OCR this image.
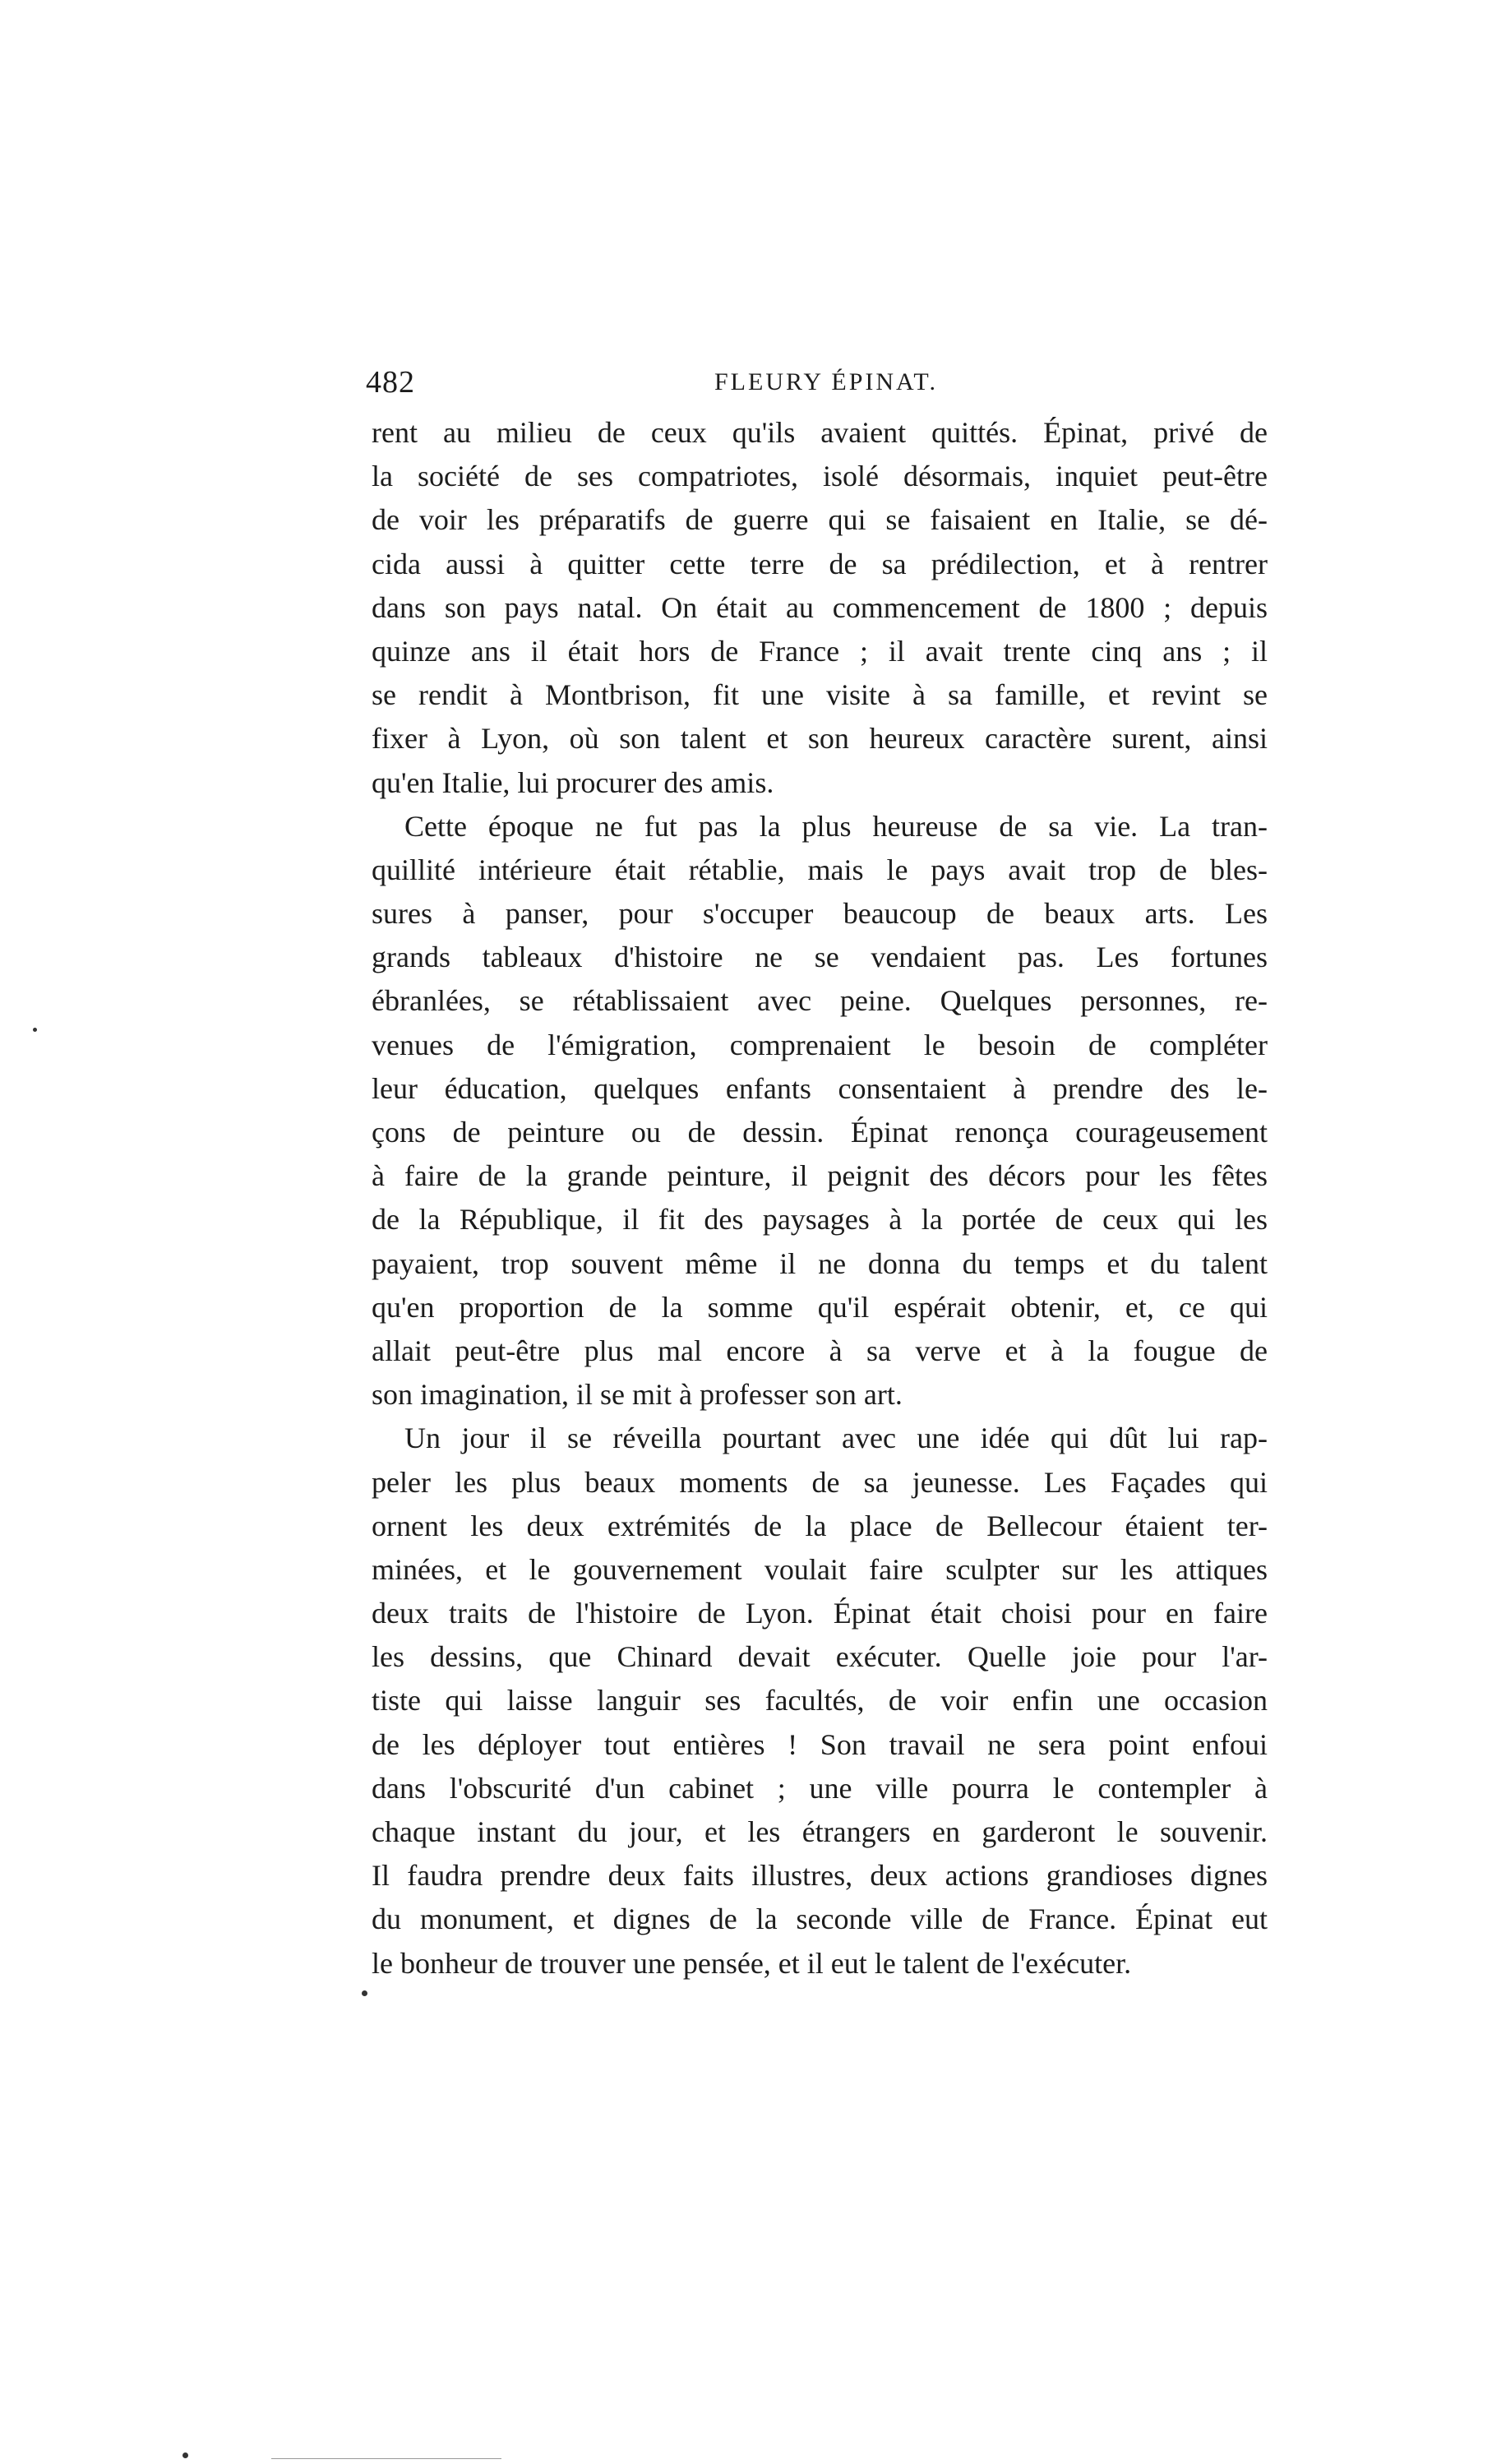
482	FLEURY ÉPINAT.
rent au milieu de ceux qu'ils avaient quittés. Épinat, privé de
la société de ses compatriotes, isolé désormais, inquiet peut-être
de voir les préparatifs de guerre qui se faisaient en Italie, se dé-
cida aussi à quitter cette terre de sa prédilection, et à rentrer
dans son pays natal. On était au commencement de 1800 ; depuis
quinze ans il était hors de France ; il avait trente cinq ans ; il
se rendit à Montbrison, fit une visite à sa famille, et revint se
fixer à Lyon, où son talent et son heureux caractère surent, ainsi
qu'en Italie, lui procurer des amis.
Cette époque ne fut pas la plus heureuse de sa vie. La tran-
quillité intérieure était rétablie, mais le pays avait trop de bles-
sures à panser, pour s'occuper beaucoup de beaux arts. Les
grands tableaux d'histoire ne se vendaient pas. Les fortunes
ébranlées, se rétablissaient avec peine. Quelques personnes, re-
venues de l'émigration, comprenaient le besoin de compléter
leur éducation, quelques enfants consentaient à prendre des le-
çons de peinture ou de dessin. Épinat renonça courageusement
à faire de la grande peinture, il peignit des décors pour les fêtes
de la République, il fit des paysages à la portée de ceux qui les
payaient, trop souvent même il ne donna du temps et du talent
qu'en proportion de la somme qu'il espérait obtenir, et, ce qui
allait peut-être plus mal encore à sa verve et à la fougue de
son imagination, il se mit à professer son art.
Un jour il se réveilla pourtant avec une idée qui dût lui rap-
peler les plus beaux moments de sa jeunesse. Les Façades qui
ornent les deux extrémités de la place de Bellecour étaient ter-
minées, et le gouvernement voulait faire sculpter sur les attiques
deux traits de l'histoire de Lyon. Épinat était choisi pour en faire
les dessins, que Chinard devait exécuter. Quelle joie pour l'ar-
tiste qui laisse languir ses facultés, de voir enfin une occasion
de les déployer tout entières ! Son travail ne sera point enfoui
dans l'obscurité d'un cabinet ; une ville pourra le contempler à
chaque instant du jour, et les étrangers en garderont le souvenir.
Il faudra prendre deux faits illustres, deux actions grandioses dignes
du monument, et dignes de la seconde ville de France. Épinat eut
le bonheur de trouver une pensée, et il eut le talent de l'exécuter.
